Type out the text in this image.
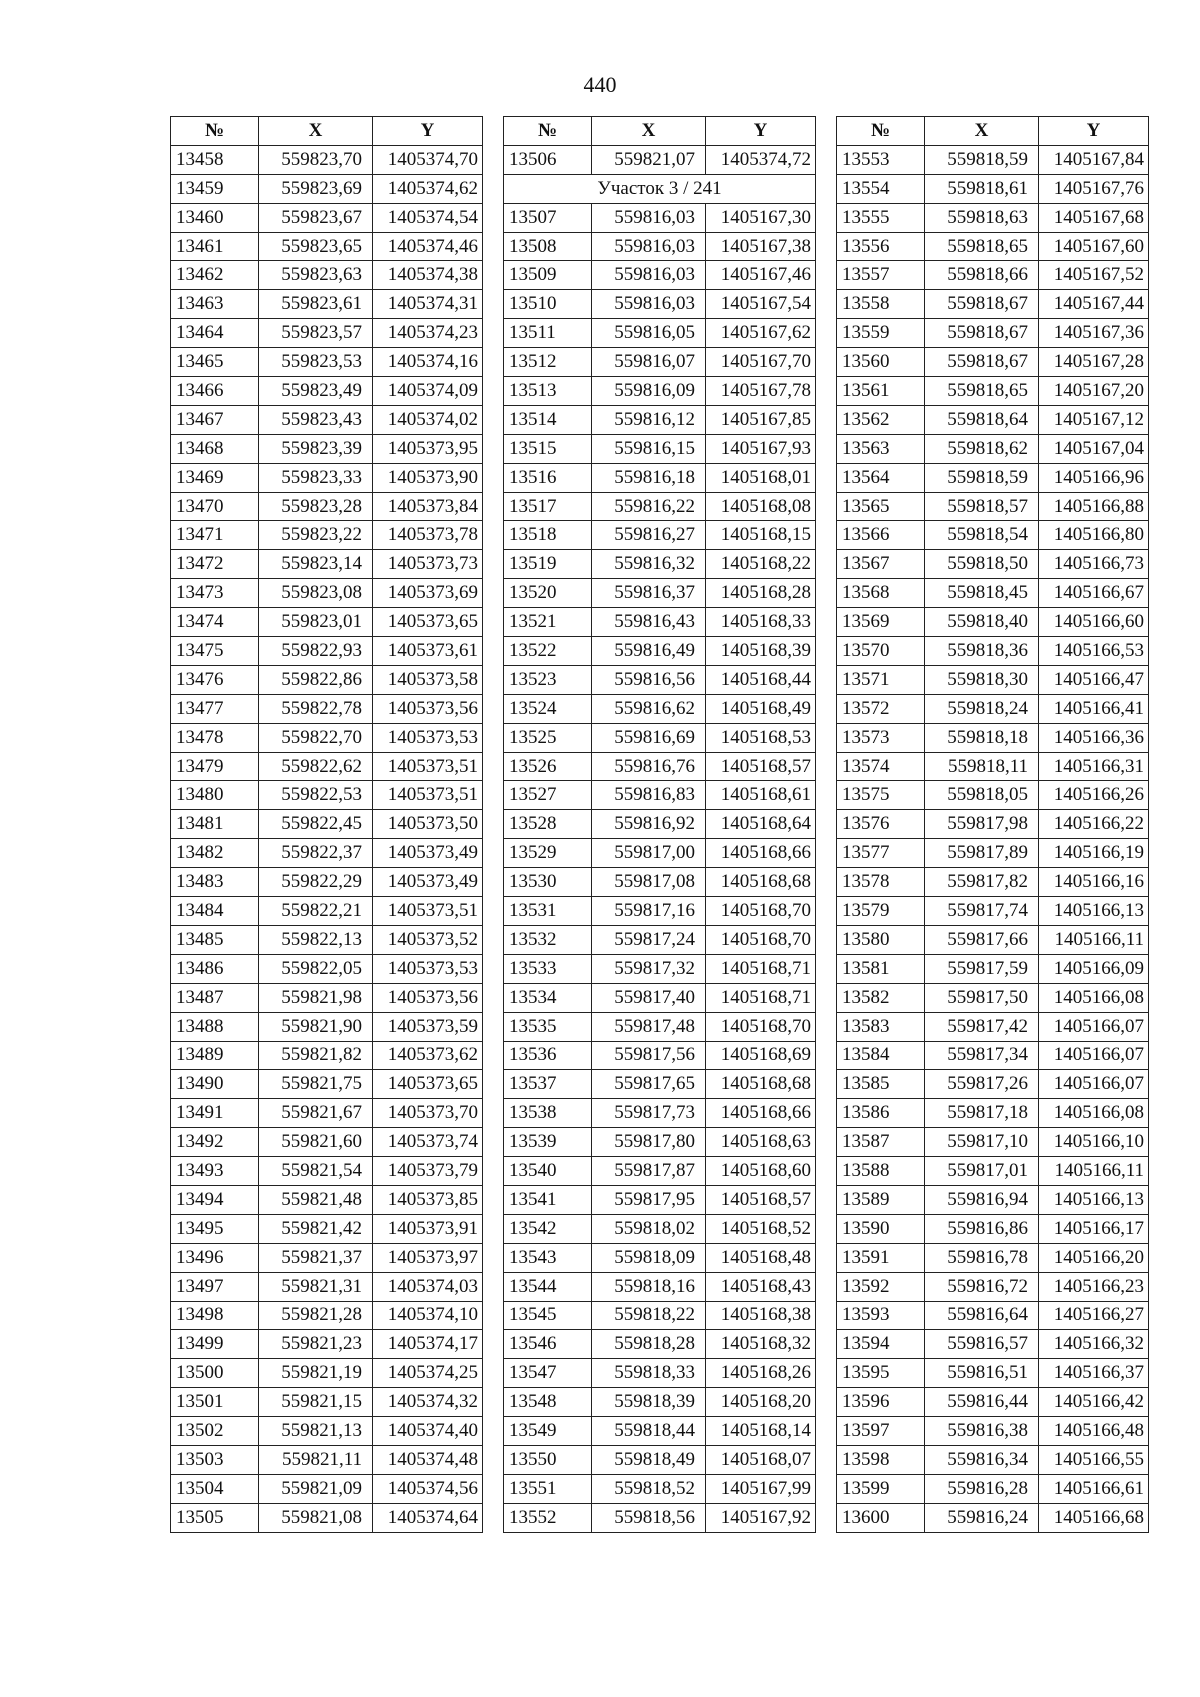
440
№	X	Y
13458	559823,70	1405374,70
13459	559823,69	1405374,62
13460	559823,67	1405374,54
13461	559823,65	1405374,46
13462	559823,63	1405374,38
13463	559823,61	1405374,31
13464	559823,57	1405374,23
13465	559823,53	1405374,16
13466	559823,49	1405374,09
13467	559823,43	1405374,02
13468	559823,39	1405373,95
13469	559823,33	1405373,90
13470	559823,28	1405373,84
13471	559823,22	1405373,78
13472	559823,14	1405373,73
13473	559823,08	1405373,69
13474	559823,01	1405373,65
13475	559822,93	1405373,61
13476	559822,86	1405373,58
13477	559822,78	1405373,56
13478	559822,70	1405373,53
13479	559822,62	1405373,51
13480	559822,53	1405373,51
13481	559822,45	1405373,50
13482	559822,37	1405373,49
13483	559822,29	1405373,49
13484	559822,21	1405373,51
13485	559822,13	1405373,52
13486	559822,05	1405373,53
13487	559821,98	1405373,56
13488	559821,90	1405373,59
13489	559821,82	1405373,62
13490	559821,75	1405373,65
13491	559821,67	1405373,70
13492	559821,60	1405373,74
13493	559821,54	1405373,79
13494	559821,48	1405373,85
13495	559821,42	1405373,91
13496	559821,37	1405373,97
13497	559821,31	1405374,03
13498	559821,28	1405374,10
13499	559821,23	1405374,17
13500	559821,19	1405374,25
13501	559821,15	1405374,32
13502	559821,13	1405374,40
13503	559821,11	1405374,48
13504	559821,09	1405374,56
13505	559821,08	1405374,64
№	X	Y
13506	559821,07	1405374,72
Участок 3 / 241		
13507	559816,03	1405167,30
13508	559816,03	1405167,38
13509	559816,03	1405167,46
13510	559816,03	1405167,54
13511	559816,05	1405167,62
13512	559816,07	1405167,70
13513	559816,09	1405167,78
13514	559816,12	1405167,85
13515	559816,15	1405167,93
13516	559816,18	1405168,01
13517	559816,22	1405168,08
13518	559816,27	1405168,15
13519	559816,32	1405168,22
13520	559816,37	1405168,28
13521	559816,43	1405168,33
13522	559816,49	1405168,39
13523	559816,56	1405168,44
13524	559816,62	1405168,49
13525	559816,69	1405168,53
13526	559816,76	1405168,57
13527	559816,83	1405168,61
13528	559816,92	1405168,64
13529	559817,00	1405168,66
13530	559817,08	1405168,68
13531	559817,16	1405168,70
13532	559817,24	1405168,70
13533	559817,32	1405168,71
13534	559817,40	1405168,71
13535	559817,48	1405168,70
13536	559817,56	1405168,69
13537	559817,65	1405168,68
13538	559817,73	1405168,66
13539	559817,80	1405168,63
13540	559817,87	1405168,60
13541	559817,95	1405168,57
13542	559818,02	1405168,52
13543	559818,09	1405168,48
13544	559818,16	1405168,43
13545	559818,22	1405168,38
13546	559818,28	1405168,32
13547	559818,33	1405168,26
13548	559818,39	1405168,20
13549	559818,44	1405168,14
13550	559818,49	1405168,07
13551	559818,52	1405167,99
13552	559818,56	1405167,92
№	X	Y
13553	559818,59	1405167,84
13554	559818,61	1405167,76
13555	559818,63	1405167,68
13556	559818,65	1405167,60
13557	559818,66	1405167,52
13558	559818,67	1405167,44
13559	559818,67	1405167,36
13560	559818,67	1405167,28
13561	559818,65	1405167,20
13562	559818,64	1405167,12
13563	559818,62	1405167,04
13564	559818,59	1405166,96
13565	559818,57	1405166,88
13566	559818,54	1405166,80
13567	559818,50	1405166,73
13568	559818,45	1405166,67
13569	559818,40	1405166,60
13570	559818,36	1405166,53
13571	559818,30	1405166,47
13572	559818,24	1405166,41
13573	559818,18	1405166,36
13574	559818,11	1405166,31
13575	559818,05	1405166,26
13576	559817,98	1405166,22
13577	559817,89	1405166,19
13578	559817,82	1405166,16
13579	559817,74	1405166,13
13580	559817,66	1405166,11
13581	559817,59	1405166,09
13582	559817,50	1405166,08
13583	559817,42	1405166,07
13584	559817,34	1405166,07
13585	559817,26	1405166,07
13586	559817,18	1405166,08
13587	559817,10	1405166,10
13588	559817,01	1405166,11
13589	559816,94	1405166,13
13590	559816,86	1405166,17
13591	559816,78	1405166,20
13592	559816,72	1405166,23
13593	559816,64	1405166,27
13594	559816,57	1405166,32
13595	559816,51	1405166,37
13596	559816,44	1405166,42
13597	559816,38	1405166,48
13598	559816,34	1405166,55
13599	559816,28	1405166,61
13600	559816,24	1405166,68
